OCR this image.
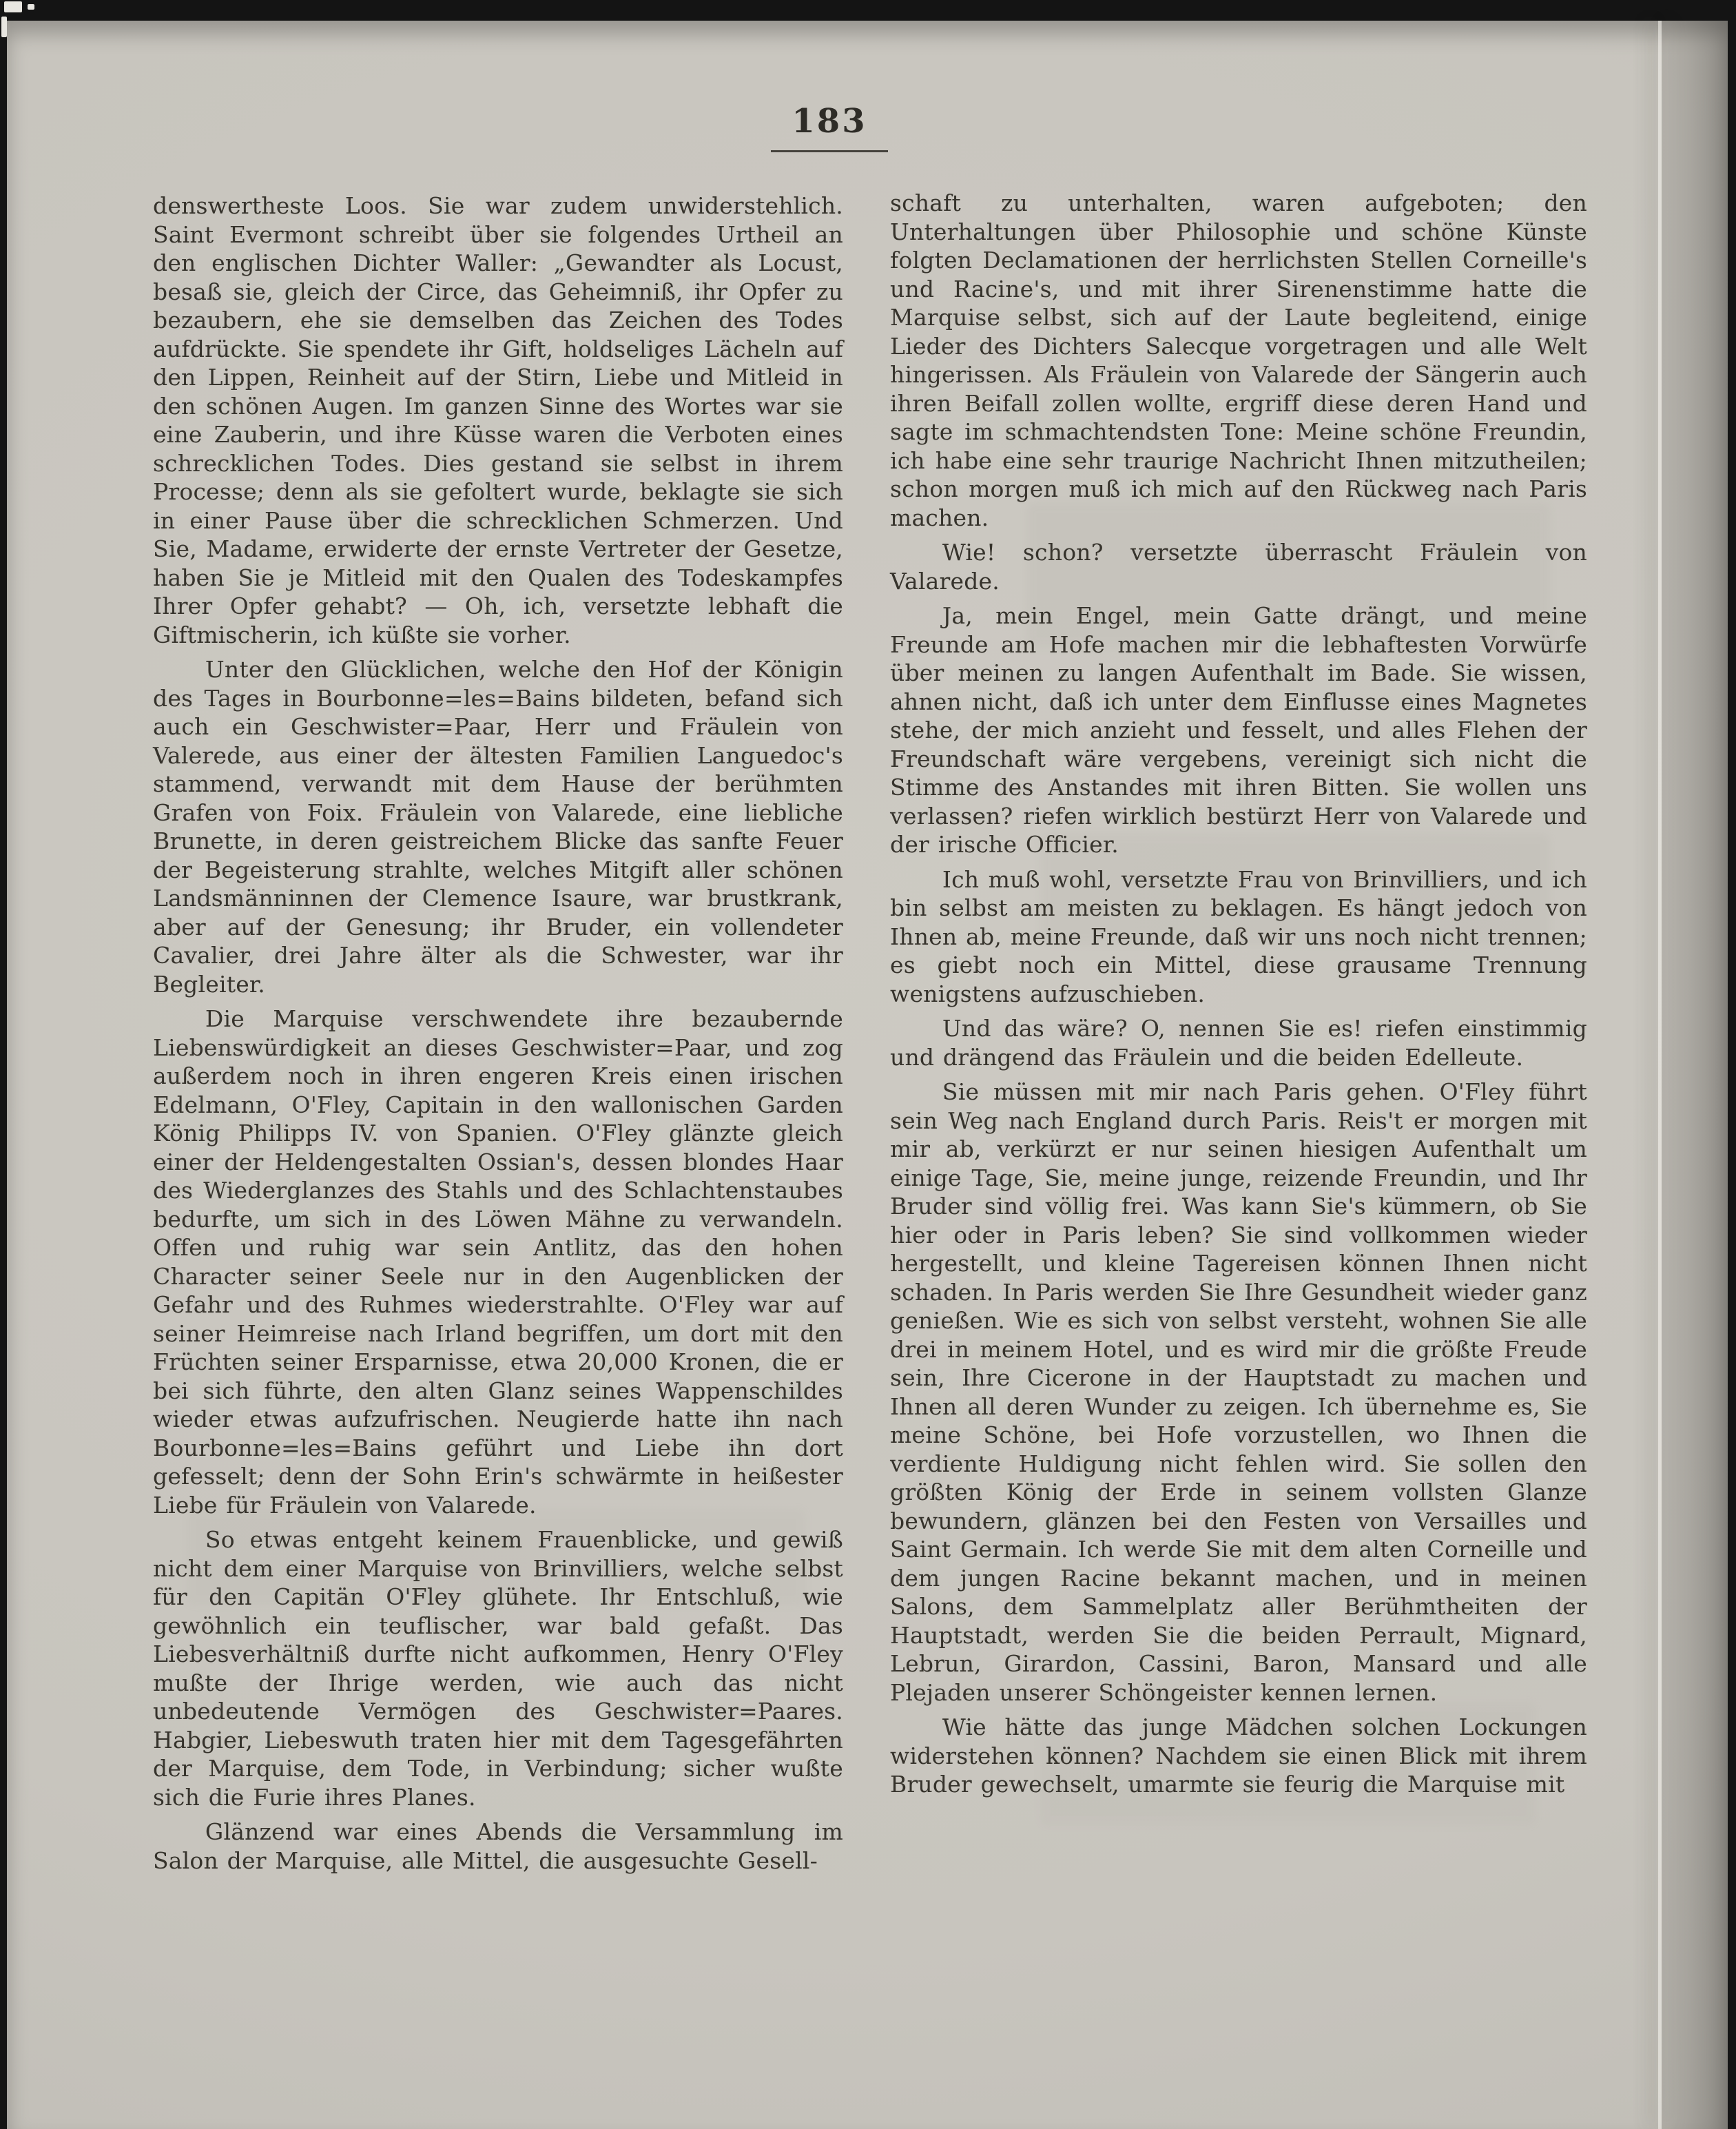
183

denswertheste Loos. Sie war zudem unwiderstehlich. Saint Evermont schreibt über sie folgendes Urtheil an den englischen Dichter Waller: „Gewandter als Locust, besaß sie, gleich der Circe, das Geheimniß, ihr Opfer zu bezaubern, ehe sie demselben das Zeichen des Todes aufdrückte. Sie spendete ihr Gift, holdseliges Lächeln auf den Lippen, Reinheit auf der Stirn, Liebe und Mitleid in den schönen Augen. Im ganzen Sinne des Wortes war sie eine Zauberin, und ihre Küsse waren die Verboten eines schrecklichen Todes. Dies gestand sie selbst in ihrem Processe; denn als sie gefoltert wurde, beklagte sie sich in einer Pause über die schrecklichen Schmerzen. Und Sie, Madame, erwiderte der ernste Vertreter der Gesetze, haben Sie je Mitleid mit den Qualen des Todeskampfes Ihrer Opfer gehabt? — Oh, ich, versetzte lebhaft die Giftmischerin, ich küßte sie vorher.

Unter den Glücklichen, welche den Hof der Königin des Tages in Bourbonne=les=Bains bildeten, befand sich auch ein Geschwister=Paar, Herr und Fräulein von Valerede, aus einer der ältesten Familien Languedoc's stammend, verwandt mit dem Hause der berühmten Grafen von Foix. Fräulein von Valarede, eine liebliche Brunette, in deren geistreichem Blicke das sanfte Feuer der Begeisterung strahlte, welches Mitgift aller schönen Landsmänninnen der Clemence Isaure, war brustkrank, aber auf der Genesung; ihr Bruder, ein vollendeter Cavalier, drei Jahre älter als die Schwester, war ihr Begleiter.

Die Marquise verschwendete ihre bezaubernde Liebenswürdigkeit an dieses Geschwister=Paar, und zog außerdem noch in ihren engeren Kreis einen irischen Edelmann, O'Fley, Capitain in den wallonischen Garden König Philipps IV. von Spanien. O'Fley glänzte gleich einer der Heldengestalten Ossian's, dessen blondes Haar des Wiederglanzes des Stahls und des Schlachtenstaubes bedurfte, um sich in des Löwen Mähne zu verwandeln. Offen und ruhig war sein Antlitz, das den hohen Character seiner Seele nur in den Augenblicken der Gefahr und des Ruhmes wiederstrahlte. O'Fley war auf seiner Heimreise nach Irland begriffen, um dort mit den Früchten seiner Ersparnisse, etwa 20,000 Kronen, die er bei sich führte, den alten Glanz seines Wappenschildes wieder etwas aufzufrischen. Neugierde hatte ihn nach Bourbonne=les=Bains geführt und Liebe ihn dort gefesselt; denn der Sohn Erin's schwärmte in heißester Liebe für Fräulein von Valarede.

So etwas entgeht keinem Frauenblicke, und gewiß nicht dem einer Marquise von Brinvilliers, welche selbst für den Capitän O'Fley glühete. Ihr Entschluß, wie gewöhnlich ein teuflischer, war bald gefaßt. Das Liebesverhältniß durfte nicht aufkommen, Henry O'Fley mußte der Ihrige werden, wie auch das nicht unbedeutende Vermögen des Geschwister=Paares. Habgier, Liebeswuth traten hier mit dem Tagesgefährten der Marquise, dem Tode, in Verbindung; sicher wußte sich die Furie ihres Planes.

Glänzend war eines Abends die Versammlung im Salon der Marquise, alle Mittel, die ausgesuchte Gesell-

schaft zu unterhalten, waren aufgeboten; den Unterhaltungen über Philosophie und schöne Künste folgten Declamationen der herrlichsten Stellen Corneille's und Racine's, und mit ihrer Sirenenstimme hatte die Marquise selbst, sich auf der Laute begleitend, einige Lieder des Dichters Salecque vorgetragen und alle Welt hingerissen. Als Fräulein von Valarede der Sängerin auch ihren Beifall zollen wollte, ergriff diese deren Hand und sagte im schmachtendsten Tone: Meine schöne Freundin, ich habe eine sehr traurige Nachricht Ihnen mitzutheilen; schon morgen muß ich mich auf den Rückweg nach Paris machen.

Wie! schon? versetzte überrascht Fräulein von Valarede.

Ja, mein Engel, mein Gatte drängt, und meine Freunde am Hofe machen mir die lebhaftesten Vorwürfe über meinen zu langen Aufenthalt im Bade. Sie wissen, ahnen nicht, daß ich unter dem Einflusse eines Magnetes stehe, der mich anzieht und fesselt, und alles Flehen der Freundschaft wäre vergebens, vereinigt sich nicht die Stimme des Anstandes mit ihren Bitten. Sie wollen uns verlassen? riefen wirklich bestürzt Herr von Valarede und der irische Officier.

Ich muß wohl, versetzte Frau von Brinvilliers, und ich bin selbst am meisten zu beklagen. Es hängt jedoch von Ihnen ab, meine Freunde, daß wir uns noch nicht trennen; es giebt noch ein Mittel, diese grausame Trennung wenigstens aufzuschieben.

Und das wäre? O, nennen Sie es! riefen einstimmig und drängend das Fräulein und die beiden Edelleute.

Sie müssen mit mir nach Paris gehen. O'Fley führt sein Weg nach England durch Paris. Reis't er morgen mit mir ab, verkürzt er nur seinen hiesigen Aufenthalt um einige Tage, Sie, meine junge, reizende Freundin, und Ihr Bruder sind völlig frei. Was kann Sie's kümmern, ob Sie hier oder in Paris leben? Sie sind vollkommen wieder hergestellt, und kleine Tagereisen können Ihnen nicht schaden. In Paris werden Sie Ihre Gesundheit wieder ganz genießen. Wie es sich von selbst versteht, wohnen Sie alle drei in meinem Hotel, und es wird mir die größte Freude sein, Ihre Cicerone in der Hauptstadt zu machen und Ihnen all deren Wunder zu zeigen. Ich übernehme es, Sie meine Schöne, bei Hofe vorzustellen, wo Ihnen die verdiente Huldigung nicht fehlen wird. Sie sollen den größten König der Erde in seinem vollsten Glanze bewundern, glänzen bei den Festen von Versailles und Saint Germain. Ich werde Sie mit dem alten Corneille und dem jungen Racine bekannt machen, und in meinen Salons, dem Sammelplatz aller Berühmtheiten der Hauptstadt, werden Sie die beiden Perrault, Mignard, Lebrun, Girardon, Cassini, Baron, Mansard und alle Plejaden unserer Schöngeister kennen lernen.

Wie hätte das junge Mädchen solchen Lockungen widerstehen können? Nachdem sie einen Blick mit ihrem Bruder gewechselt, umarmte sie feurig die Marquise mit
